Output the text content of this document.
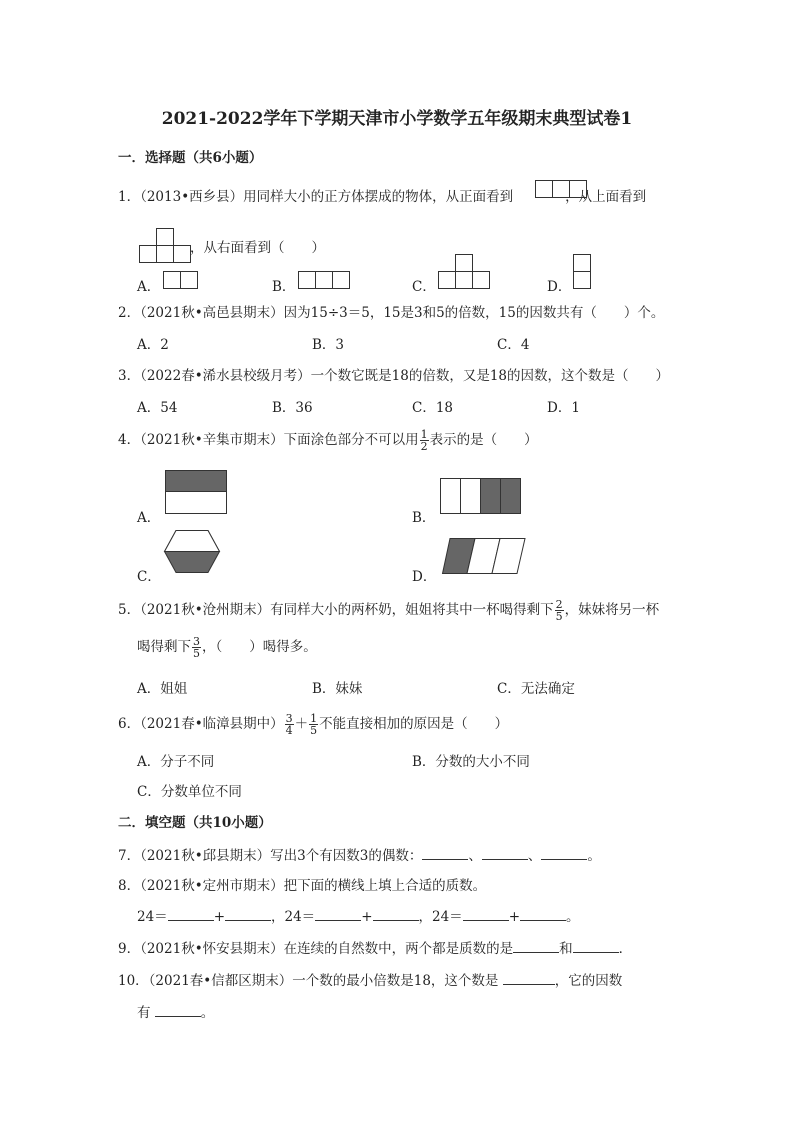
2021-2022学年下学期天津市小学数学五年级期末典型试卷1
一．选择题（共6小题）
1．（2013•西乡县）用同样大小的正方体摆成的物体，从正面看到	，从上面看到
，从右面看到（　　）
A．	B．	C．	D．
2．（2021秋•高邑县期末）因为15÷3＝5，15是3和5的倍数，15的因数共有（　　）个。
A．2	B．3	C．4
3．（2022春•浠水县校级月考）一个数它既是18的倍数，又是18的因数，这个数是（　　）
A．54	B．36	C．18	D．1
4．（2021秋•辛集市期末）下面涂色部分不可以用 $\frac{1}{2}$ 表示的是（　　）
A．	B．
C．	D．
5．（2021秋•沧州期末）有同样大小的两杯奶，姐姐将其中一杯喝得剩下 $\frac{2}{5}$ ，妹妹将另一杯
喝得剩下 $\frac{3}{5}$ ，（　　）喝得多。
A．姐姐	B．妹妹	C．无法确定
6．（2021春•临漳县期中） $\frac{3}{4} + \frac{1}{5}$ 不能直接相加的原因是（　　）
A．分子不同	B．分数的大小不同
C．分数单位不同
二．填空题（共10小题）
7．（2021秋•邱县期末）写出3个有因数3的偶数：	、	、	。
8．（2021秋•定州市期末）把下面的横线上填上合适的质数。
24＝	+	，24＝	+	，24＝	+	。
9．（2021秋•怀安县期末）在连续的自然数中，两个都是质数的是	和	．
10．（2021春•信都区期末）一个数的最小倍数是18，这个数是	，它的因数
有	。
